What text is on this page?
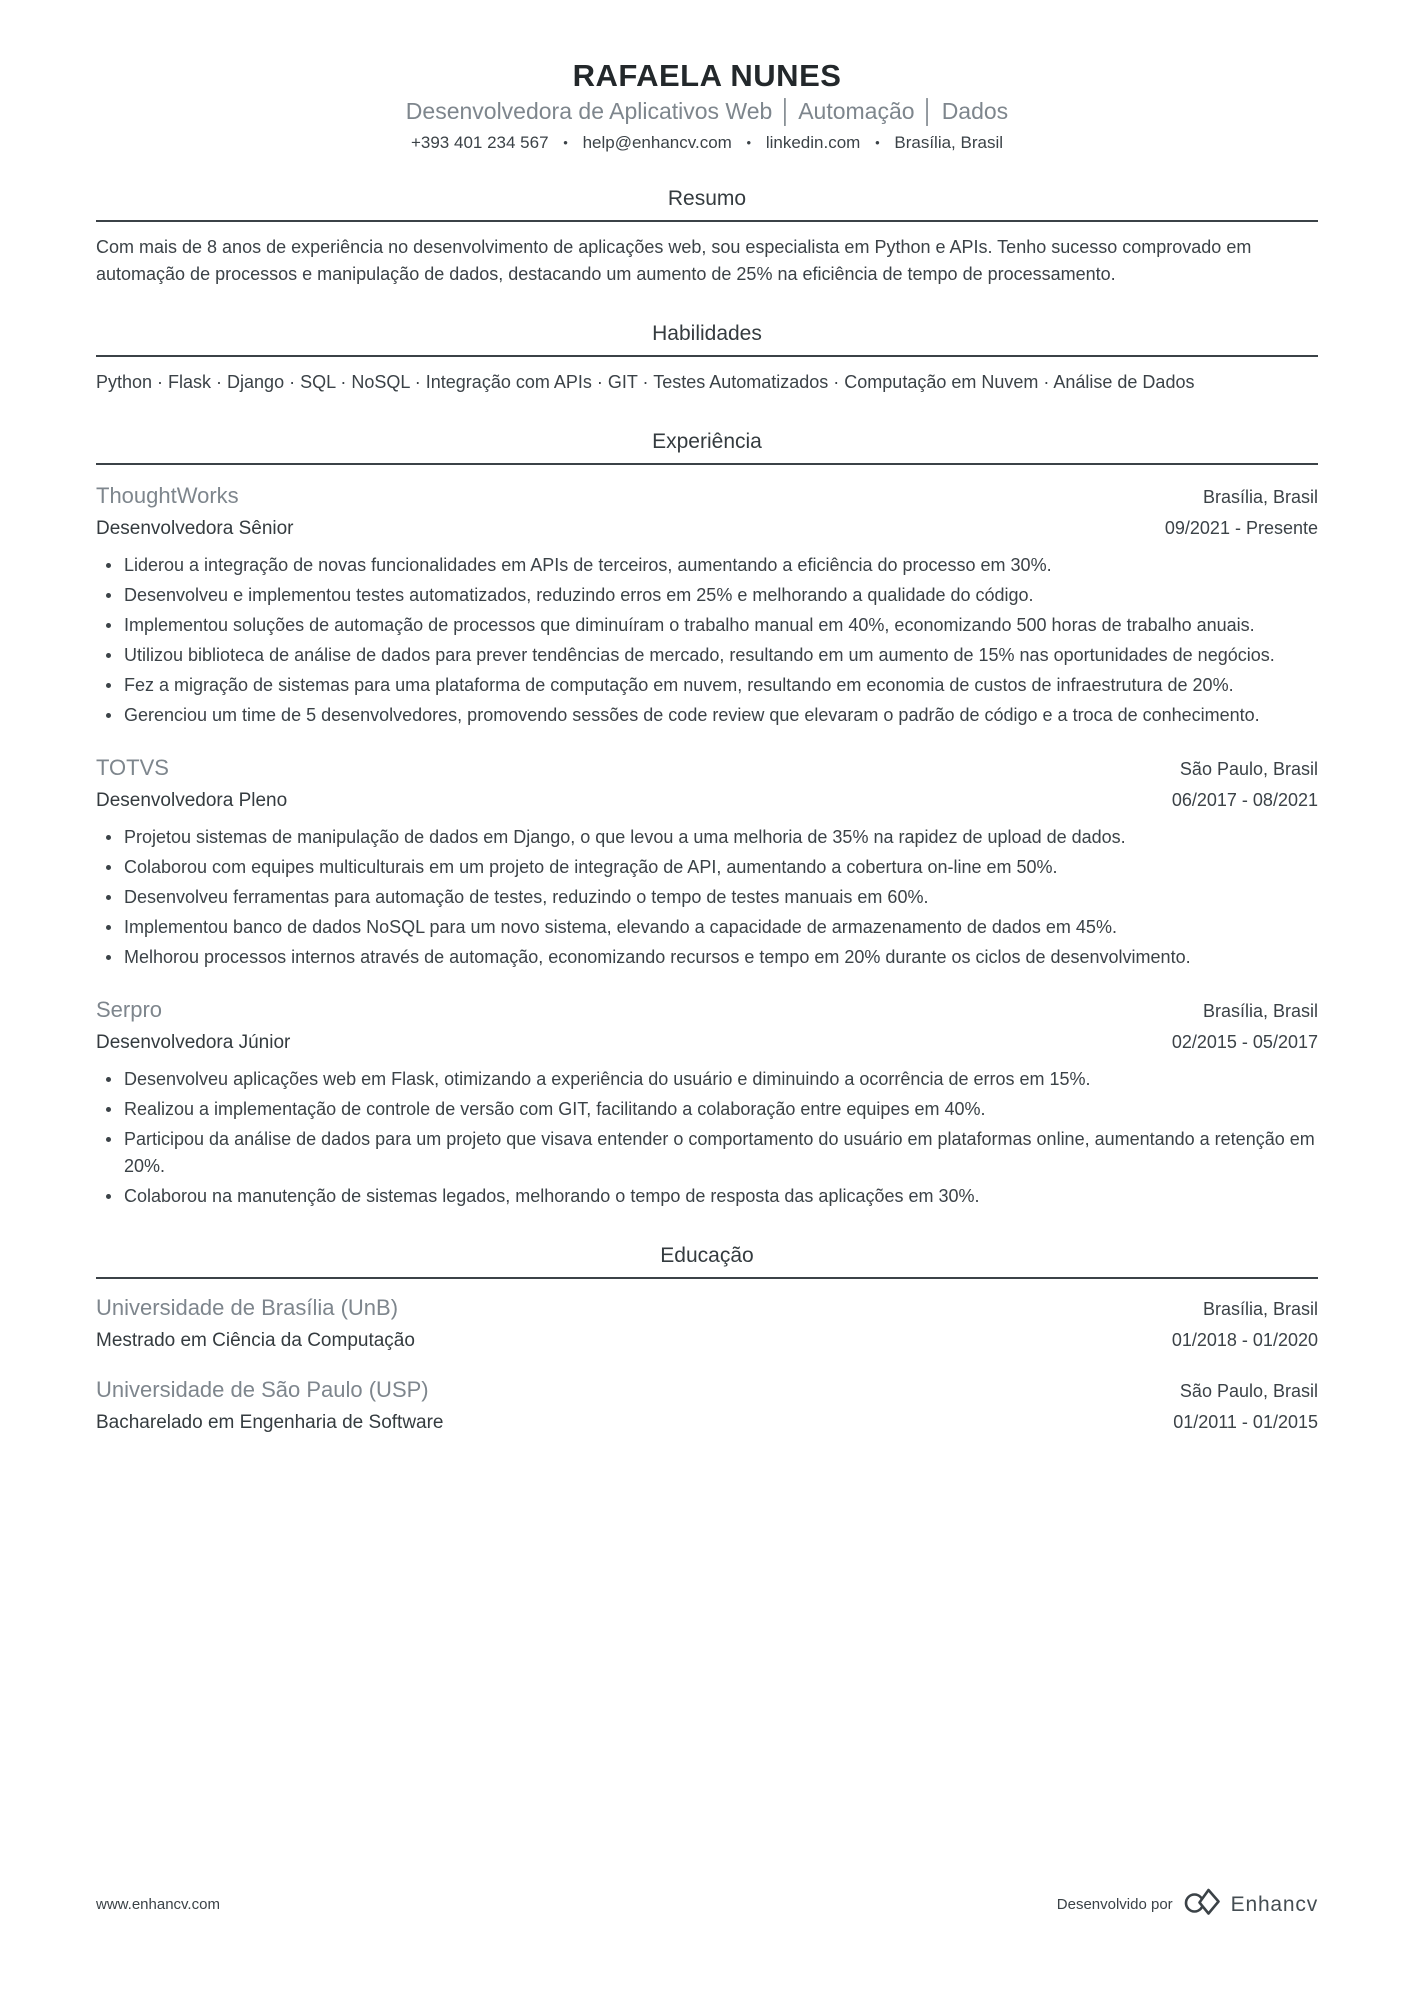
RAFAELA NUNES
Desenvolvedora de Aplicativos Web │ Automação │ Dados
+393 401 234 567 • help@enhancv.com • linkedin.com • Brasília, Brasil
Resumo

Com mais de 8 anos de experiência no desenvolvimento de aplicações web, sou especialista em Python e APIs. Tenho sucesso comprovado em automação de processos e manipulação de dados, destacando um aumento de 25% na eficiência de tempo de processamento.

Habilidades

Python · Flask · Django · SQL · NoSQL · Integração com APIs · GIT · Testes Automatizados · Computação em Nuvem · Análise de Dados

Experiência
ThoughtWorks	Brasília, Brasil
Desenvolvedora Sênior	09/2021 - Presente
Liderou a integração de novas funcionalidades em APIs de terceiros, aumentando a eficiência do processo em 30%.
Desenvolveu e implementou testes automatizados, reduzindo erros em 25% e melhorando a qualidade do código.
Implementou soluções de automação de processos que diminuíram o trabalho manual em 40%, economizando 500 horas de trabalho anuais.
Utilizou biblioteca de análise de dados para prever tendências de mercado, resultando em um aumento de 15% nas oportunidades de negócios.
Fez a migração de sistemas para uma plataforma de computação em nuvem, resultando em economia de custos de infraestrutura de 20%.
Gerenciou um time de 5 desenvolvedores, promovendo sessões de code review que elevaram o padrão de código e a troca de conhecimento.
TOTVS	São Paulo, Brasil
Desenvolvedora Pleno	06/2017 - 08/2021
Projetou sistemas de manipulação de dados em Django, o que levou a uma melhoria de 35% na rapidez de upload de dados.
Colaborou com equipes multiculturais em um projeto de integração de API, aumentando a cobertura on-line em 50%.
Desenvolveu ferramentas para automação de testes, reduzindo o tempo de testes manuais em 60%.
Implementou banco de dados NoSQL para um novo sistema, elevando a capacidade de armazenamento de dados em 45%.
Melhorou processos internos através de automação, economizando recursos e tempo em 20% durante os ciclos de desenvolvimento.
Serpro	Brasília, Brasil
Desenvolvedora Júnior	02/2015 - 05/2017
Desenvolveu aplicações web em Flask, otimizando a experiência do usuário e diminuindo a ocorrência de erros em 15%.
Realizou a implementação de controle de versão com GIT, facilitando a colaboração entre equipes em 40%.
Participou da análise de dados para um projeto que visava entender o comportamento do usuário em plataformas online, aumentando a retenção em 20%.
Colaborou na manutenção de sistemas legados, melhorando o tempo de resposta das aplicações em 30%.
Educação
Universidade de Brasília (UnB)	Brasília, Brasil
Mestrado em Ciência da Computação	01/2018 - 01/2020
Universidade de São Paulo (USP)	São Paulo, Brasil
Bacharelado em Engenharia de Software	01/2011 - 01/2015
www.enhancv.com	Desenvolvido por	Enhancv
